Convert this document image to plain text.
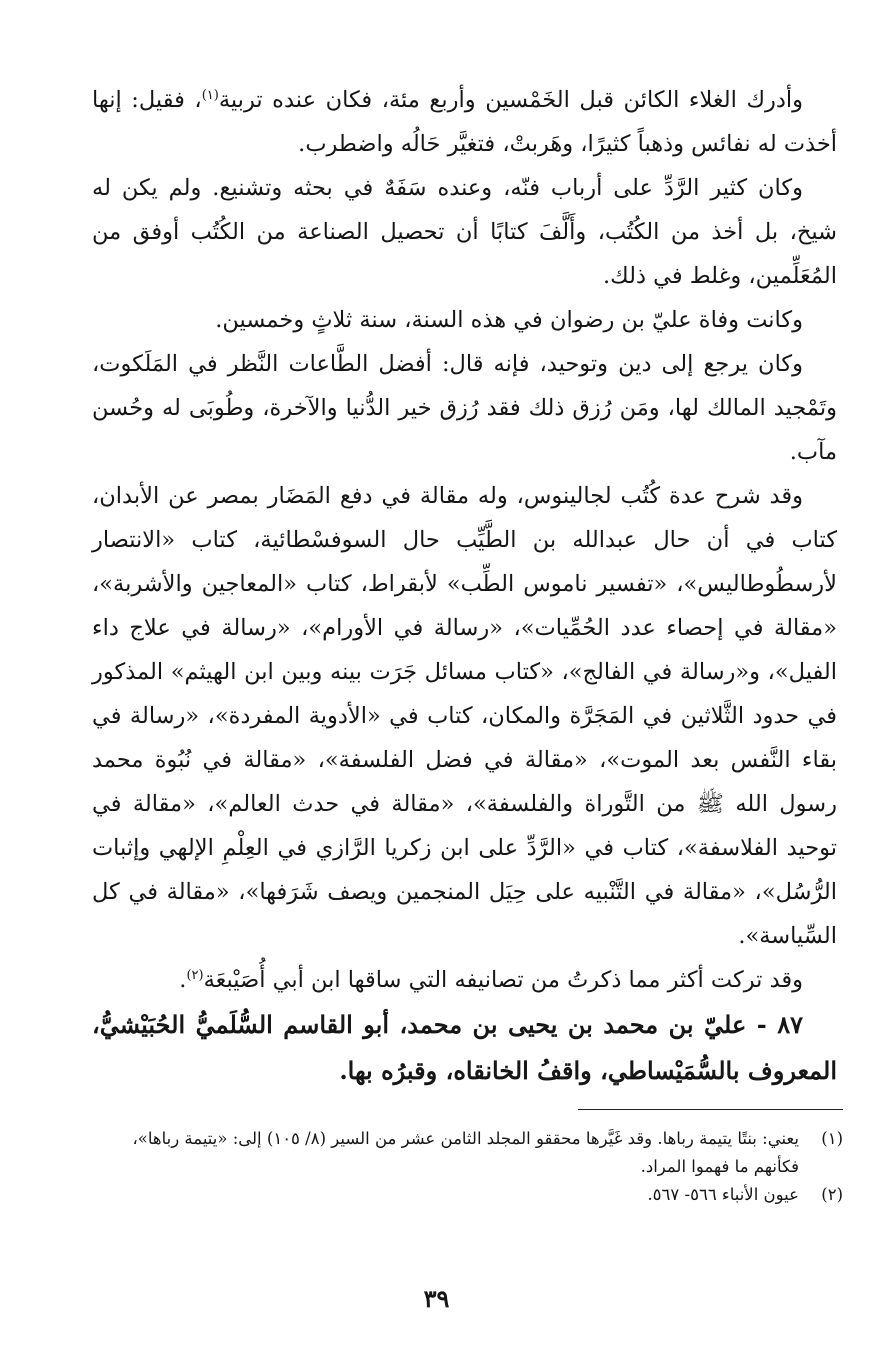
وأدرك الغلاء الكائن قبل الخَمْسين وأربع مئة، فكان عنده تربية$^{(١)}$، فقيل: إنها أخذت له نفائس وذهباً كثيرًا، وهَربتْ، فتغيَّر حَالُه واضطرب.

وكان كثير الرَّدِّ على أرباب فنّه، وعنده سَفَهٌ في بحثه وتشنيع. ولم يكن له شيخ، بل أخذ من الكُتُب، وأَلَّفَ كتابًا أن تحصيل الصناعة من الكُتُب أوفق من المُعَلِّمين، وغلط في ذلك.

وكانت وفاة عليّ بن رضوان في هذه السنة، سنة ثلاثٍ وخمسين.

وكان يرجع إلى دين وتوحيد، فإنه قال: أفضل الطَّاعات النَّظر في المَلَكوت، وتَمْجيد المالك لها، ومَن رُزق ذلك فقد رُزق خير الدُّنيا والآخرة، وطُوبَى له وحُسن مآب.

وقد شرح عدة كُتُب لجالينوس، وله مقالة في دفع المَضَار بمصر عن الأبدان، كتاب في أن حال عبدالله بن الطَّيِّب حال السوفسْطائية، كتاب «الانتصار لأرسطُوطاليس»، «تفسير ناموس الطِّب» لأبقراط، كتاب «المعاجين والأشربة»، «مقالة في إحصاء عدد الحُمِّيات»، «رسالة في الأورام»، «رسالة في علاج داء الفيل»، و«رسالة في الفالج»، «كتاب مسائل جَرَت بينه وبين ابن الهيثم» المذكور في حدود الثَّلاثين في المَجَرَّة والمكان، كتاب في «الأدوية المفردة»، «رسالة في بقاء النَّفس بعد الموت»، «مقالة في فضل الفلسفة»، «مقالة في نُبُوة محمد رسول الله ﷺ من التَّوراة والفلسفة»، «مقالة في حدث العالم»، «مقالة في توحيد الفلاسفة»، كتاب في «الرَّدِّ على ابن زكريا الرَّازي في العِلْمِ الإلهي وإثبات الرُّسُل»، «مقالة في التَّنْبيه على حِيَل المنجمين ويصف شَرَفها»، «مقالة في كل السِّياسة».

وقد تركت أكثر مما ذكرتُ من تصانيفه التي ساقها ابن أبي أُصَيْبعَة$^{(٢)}$.

٨٧ - عليّ بن محمد بن يحيى بن محمد، أبو القاسم السُّلَميُّ الحُبَيْشيُّ، المعروف بالسُّمَيْساطي، واقفُ الخانقاه، وقبرُه بها.

(١)
يعني: بنتًا يتيمة رباها. وقد غَيَّرها محققو المجلد الثامن عشر من السير (٨/ ١٠٥) إلى: «يتيمة رباها»، فكأنهم ما فهموا المراد.

(٢)
عيون الأنباء ٥٦٦- ٥٦٧.

٣٩
